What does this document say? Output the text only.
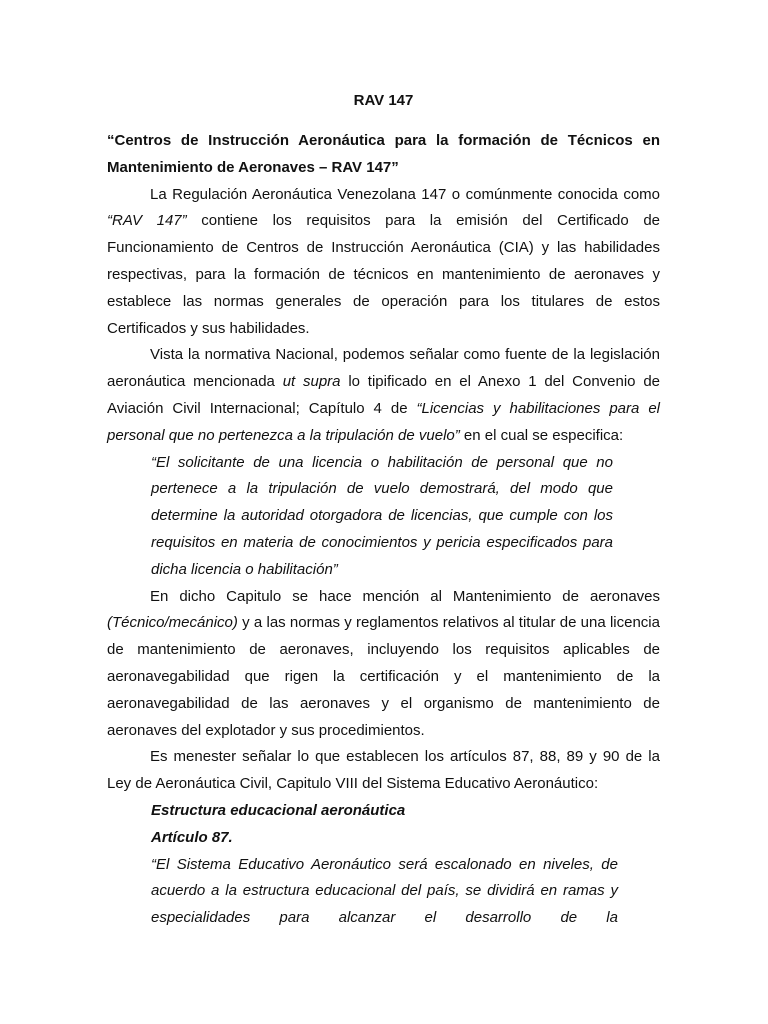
RAV 147

“Centros de Instrucción Aeronáutica para la formación de Técnicos en Mantenimiento de Aeronaves – RAV 147”

La Regulación Aeronáutica Venezolana 147 o comúnmente conocida como “RAV 147” contiene los requisitos para la emisión del Certificado de Funcionamiento de Centros de Instrucción Aeronáutica (CIA) y las habilidades respectivas, para la formación de técnicos en mantenimiento de aeronaves y establece las normas generales de operación para los titulares de estos Certificados y sus habilidades.

Vista la normativa Nacional, podemos señalar como fuente de la legislación aeronáutica mencionada ut supra lo tipificado en el Anexo 1 del Convenio de Aviación Civil Internacional; Capítulo 4 de “Licencias y habilitaciones para el personal que no pertenezca a la tripulación de vuelo” en el cual se especifica:

“El solicitante de una licencia o habilitación de personal que no pertenece a la tripulación de vuelo demostrará, del modo que determine la autoridad otorgadora de licencias, que cumple con los requisitos en materia de conocimientos y pericia especificados para dicha licencia o habilitación”

En dicho Capitulo se hace mención al Mantenimiento de aeronaves (Técnico/mecánico) y a las normas y reglamentos relativos al titular de una licencia de mantenimiento de aeronaves, incluyendo los requisitos aplicables de aeronavegabilidad que rigen la certificación y el mantenimiento de la aeronavegabilidad de las aeronaves y el organismo de mantenimiento de aeronaves del explotador y sus procedimientos.

Es menester señalar lo que establecen los artículos 87, 88, 89 y 90 de la Ley de Aeronáutica Civil, Capitulo VIII del Sistema Educativo Aeronáutico:

Estructura educacional aeronáutica

Artículo 87.

“El Sistema Educativo Aeronáutico será escalonado en niveles, de acuerdo a la estructura educacional del país, se dividirá en ramas y especialidades para alcanzar el desarrollo de la
